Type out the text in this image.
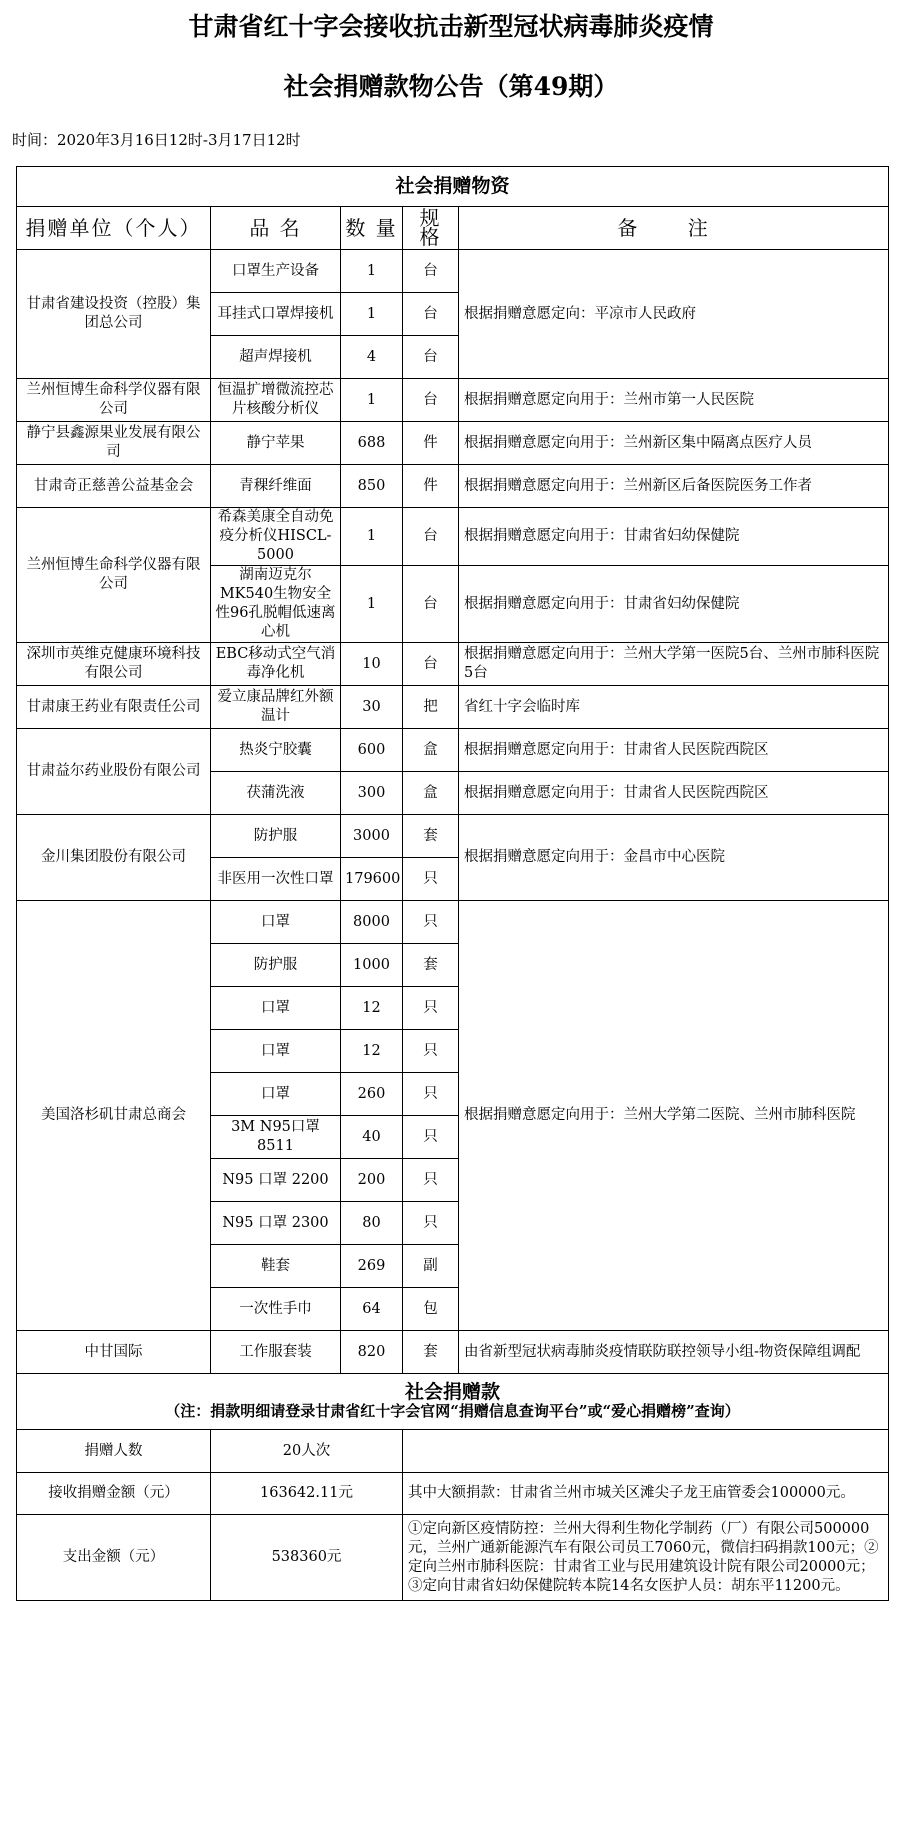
甘肃省红十字会接收抗击新型冠状病毒肺炎疫情
社会捐赠款物公告（第49期）
时间：2020年3月16日12时-3月17日12时
社会捐赠物资				
捐赠单位（个人）	品 名	数 量	规 格	备 注
甘肃省建设投资（控股）集团总公司	口罩生产设备	1	台	根据捐赠意愿定向：平凉市人民政府
	耳挂式口罩焊接机	1	台	
	超声焊接机	4	台	
兰州恒博生命科学仪器有限公司	恒温扩增微流控芯片核酸分析仪	1	台	根据捐赠意愿定向用于：兰州市第一人民医院
静宁县鑫源果业发展有限公司	静宁苹果	688	件	根据捐赠意愿定向用于：兰州新区集中隔离点医疗人员
甘肃奇正慈善公益基金会	青稞纤维面	850	件	根据捐赠意愿定向用于：兰州新区后备医院医务工作者
兰州恒博生命科学仪器有限公司	希森美康全自动免疫分析仪HISCL-5000	1	台	根据捐赠意愿定向用于：甘肃省妇幼保健院
	湖南迈克尔MK540生物安全性96孔脱帽低速离心机	1	台	根据捐赠意愿定向用于：甘肃省妇幼保健院
深圳市英维克健康环境科技有限公司	EBC移动式空气消毒净化机	10	台	根据捐赠意愿定向用于：兰州大学第一医院5台、兰州市肺科医院5台
甘肃康王药业有限责任公司	爱立康品牌红外额温计	30	把	省红十字会临时库
甘肃益尔药业股份有限公司	热炎宁胶囊	600	盒	根据捐赠意愿定向用于：甘肃省人民医院西院区
	茯蒲洗液	300	盒	根据捐赠意愿定向用于：甘肃省人民医院西院区
金川集团股份有限公司	防护服	3000	套	根据捐赠意愿定向用于：金昌市中心医院
	非医用一次性口罩	179600	只	
美国洛杉矶甘肃总商会	口罩	8000	只	根据捐赠意愿定向用于：兰州大学第二医院、兰州市肺科医院
	防护服	1000	套	
	口罩	12	只	
	口罩	12	只	
	口罩	260	只	
	3M N95口罩 8511	40	只	
	N95 口罩 2200	200	只	
	N95 口罩 2300	80	只	
	鞋套	269	副	
	一次性手巾	64	包	
中甘国际	工作服套装	820	套	由省新型冠状病毒肺炎疫情联防联控领导小组-物资保障组调配
社会捐赠款
（注：捐款明细请登录甘肃省红十字会官网“捐赠信息查询平台”或“爱心捐赠榜”查询）				

捐赠人数	20人次			
接收捐赠金额（元）	163642.11元		其中大额捐款：甘肃省兰州市城关区滩尖子龙王庙管委会100000元。	
支出金额（元）	538360元		①定向新区疫情防控：兰州大得利生物化学制药（厂）有限公司500000元，兰州广通新能源汽车有限公司员工7060元，微信扫码捐款100元；②定向兰州市肺科医院：甘肃省工业与民用建筑设计院有限公司20000元；③定向甘肃省妇幼保健院转本院14名女医护人员：胡东平11200元。	
